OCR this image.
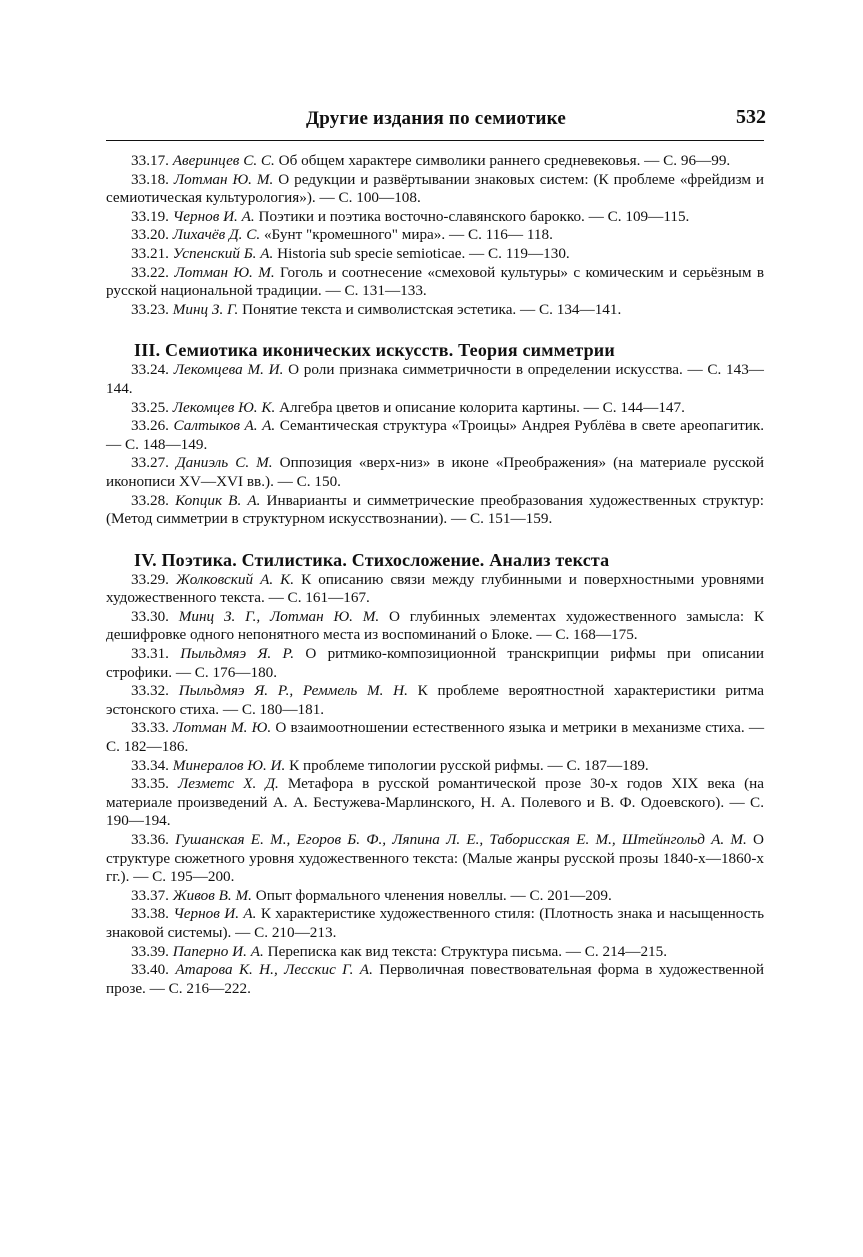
Другие издания по семиотике	532
33.17. Аверинцев С. С. Об общем характере символики раннего средневековья. — С. 96—99.
33.18. Лотман Ю. М. О редукции и развёртывании знаковых систем: (К проблеме «фрейдизм и семиотическая культурология»). — С. 100—108.
33.19. Чернов И. А. Поэтики и поэтика восточно-славянского барокко. — С. 109—115.
33.20. Лихачёв Д. С. «Бунт "кромешного" мира». — С. 116— 118.
33.21. Успенский Б. А. Historia sub specie semioticae. — С. 119—130.
33.22. Лотман Ю. М. Гоголь и соотнесение «смеховой культуры» с комическим и серьёзным в русской национальной традиции. — С. 131—133.
33.23. Минц З. Г. Понятие текста и символистская эстетика. — С. 134—141.
III. Семиотика иконических искусств. Теория симметрии
33.24. Лекомцева М. И. О роли признака симметричности в определении искусства. — С. 143—144.
33.25. Лекомцев Ю. К. Алгебра цветов и описание колорита картины. — С. 144—147.
33.26. Салтыков А. А. Семантическая структура «Троицы» Андрея Рублёва в свете ареопагитик. — С. 148—149.
33.27. Даниэль С. М. Оппозиция «верх-низ» в иконе «Преображения» (на материале русской иконописи XV—XVI вв.). — С. 150.
33.28. Копцик В. А. Инварианты и симметрические преобразования художественных структур: (Метод симметрии в структурном искусствознании). — С. 151—159.
IV. Поэтика. Стилистика. Стихосложение. Анализ текста
33.29. Жолковский А. К. К описанию связи между глубинными и поверхностными уровнями художественного текста. — С. 161—167.
33.30. Минц З. Г., Лотман Ю. М. О глубинных элементах художественного замысла: К дешифровке одного непонятного места из воспоминаний о Блоке. — С. 168—175.
33.31. Пыльдмяэ Я. Р. О ритмико-композиционной транскрипции рифмы при описании строфики. — С. 176—180.
33.32. Пыльдмяэ Я. Р., Реммель М. Н. К проблеме вероятностной характеристики ритма эстонского стиха. — С. 180—181.
33.33. Лотман М. Ю. О взаимоотношении естественного языка и метрики в механизме стиха. — С. 182—186.
33.34. Минералов Ю. И. К проблеме типологии русской рифмы. — С. 187—189.
33.35. Лезметс Х. Д. Метафора в русской романтической прозе 30-х годов XIX века (на материале произведений А. А. Бестужева-Марлинского, Н. А. Полевого и В. Ф. Одоевского). — С. 190—194.
33.36. Гушанская Е. М., Егоров Б. Ф., Ляпина Л. Е., Таборисская Е. М., Штейнгольд А. М. О структуре сюжетного уровня художественного текста: (Малые жанры русской прозы 1840-х—1860-х гг.). — С. 195—200.
33.37. Живов В. М. Опыт формального членения новеллы. — С. 201—209.
33.38. Чернов И. А. К характеристике художественного стиля: (Плотность знака и насыщенность знаковой системы). — С. 210—213.
33.39. Паперно И. А. Переписка как вид текста: Структура письма. — С. 214—215.
33.40. Атарова К. Н., Лесскис Г. А. Перволичная повествовательная форма в художественной прозе. — С. 216—222.
